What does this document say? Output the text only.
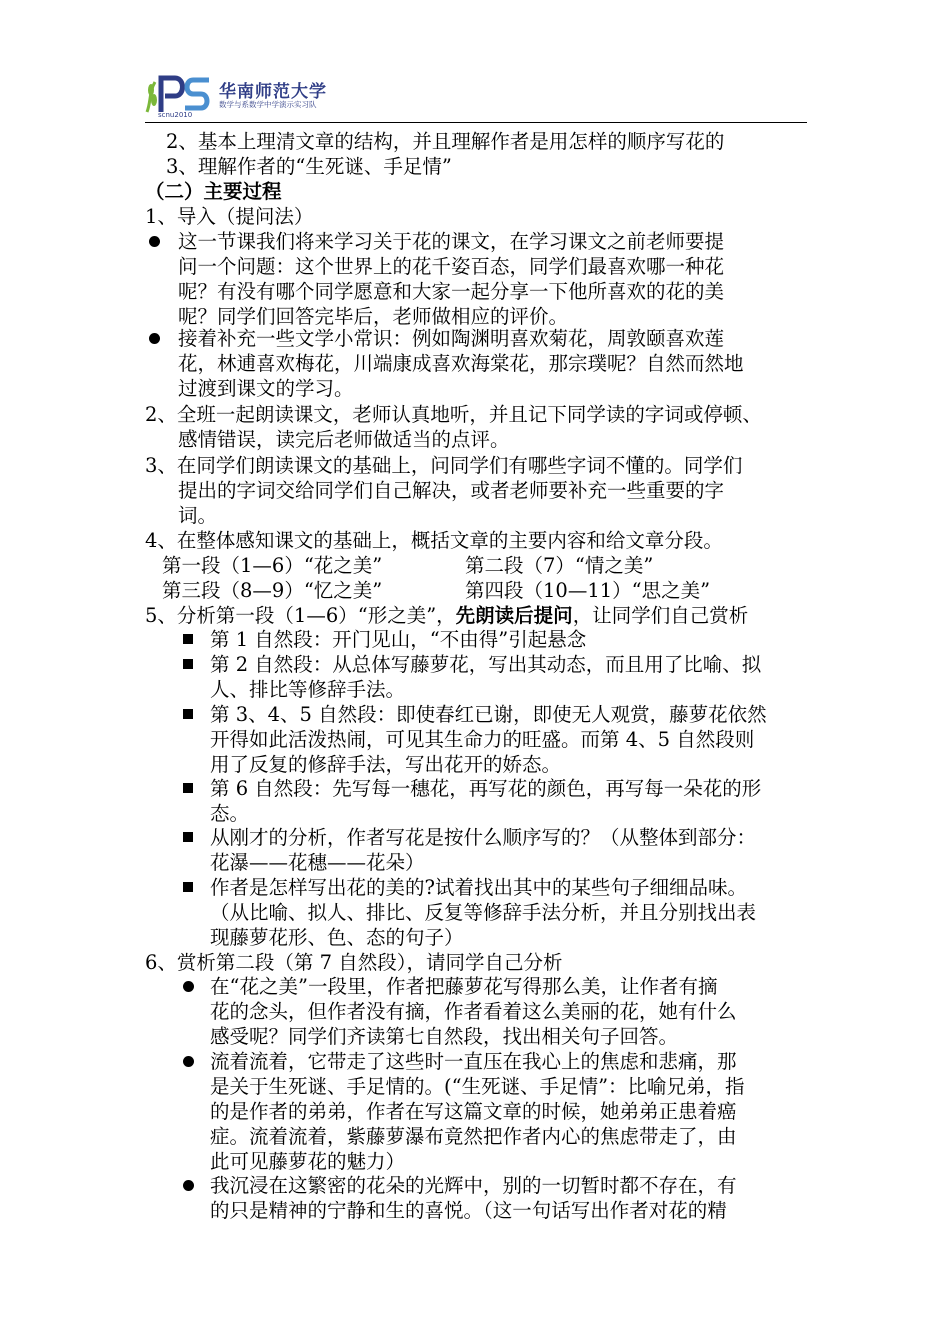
scnu2010
华南师范大学
数学与系数学中学演示实习队
2、基本上理清文章的结构，并且理解作者是用怎样的顺序写花的
3、理解作者的“生死谜、手足情”
（二）主要过程
1、导入（提问法）
这一节课我们将来学习关于花的课文，在学习课文之前老师要提
问一个问题：这个世界上的花千姿百态，同学们最喜欢哪一种花
呢？有没有哪个同学愿意和大家一起分享一下他所喜欢的花的美
呢？同学们回答完毕后，老师做相应的评价。
接着补充一些文学小常识：例如陶渊明喜欢菊花，周敦颐喜欢莲
花，林逋喜欢梅花，川端康成喜欢海棠花，那宗璞呢？自然而然地
过渡到课文的学习。
2、全班一起朗读课文，老师认真地听，并且记下同学读的字词或停顿、
感情错误，读完后老师做适当的点评。
3、在同学们朗读课文的基础上，问同学们有哪些字词不懂的。同学们
提出的字词交给同学们自己解决，或者老师要补充一些重要的字
词。
4、在整体感知课文的基础上，概括文章的主要内容和给文章分段。
第一段（1—6）“花之美”	第二段（7）“情之美”
第三段（8—9）“忆之美”	第四段（10—11）“思之美”
5、分析第一段（1—6）“形之美”，先朗读后提问，让同学们自己赏析
第 1 自然段：开门见山，“不由得”引起悬念
第 2 自然段：从总体写藤萝花，写出其动态，而且用了比喻、拟
人、排比等修辞手法。
第 3、4、5 自然段：即使春红已谢，即使无人观赏，藤萝花依然
开得如此活泼热闹，可见其生命力的旺盛。而第 4、5 自然段则
用了反复的修辞手法，写出花开的娇态。
第 6 自然段：先写每一穗花，再写花的颜色，再写每一朵花的形
态。
从刚才的分析，作者写花是按什么顺序写的？（从整体到部分：
花瀑——花穗——花朵）
作者是怎样写出花的美的?试着找出其中的某些句子细细品味。
（从比喻、拟人、排比、反复等修辞手法分析，并且分别找出表
现藤萝花形、色、态的句子）
6、赏析第二段（第 7 自然段），请同学自己分析
在“花之美”一段里，作者把藤萝花写得那么美，让作者有摘
花的念头，但作者没有摘，作者看着这么美丽的花，她有什么
感受呢？同学们齐读第七自然段，找出相关句子回答。
流着流着，它带走了这些时一直压在我心上的焦虑和悲痛，那
是关于生死谜、手足情的。(“生死谜、手足情”：比喻兄弟，指
的是作者的弟弟，作者在写这篇文章的时候，她弟弟正患着癌
症。流着流着，紫藤萝瀑布竟然把作者内心的焦虑带走了，由
此可见藤萝花的魅力）
我沉浸在这繁密的花朵的光辉中，别的一切暂时都不存在，有
的只是精神的宁静和生的喜悦。（这一句话写出作者对花的精
